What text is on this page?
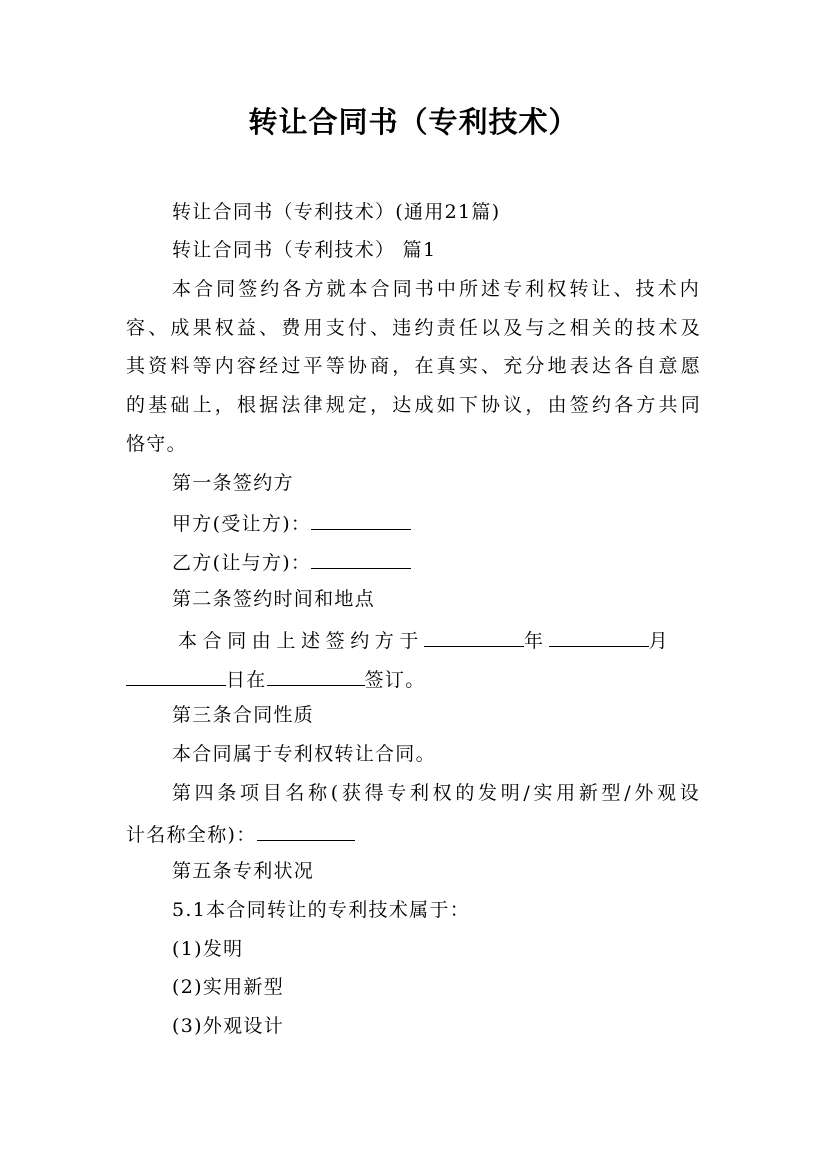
转让合同书（专利技术）
转让合同书（专利技术）(通用21篇)
转让合同书（专利技术） 篇1
本合同签约各方就本合同书中所述专利权转让、技术内
容、成果权益、费用支付、违约责任以及与之相关的技术及
其资料等内容经过平等协商，在真实、充分地表达各自意愿
的基础上，根据法律规定，达成如下协议，由签约各方共同
恪守。
第一条签约方
甲方(受让方)：
乙方(让与方)：
第二条签约时间和地点
本合同由上述签约方于	年	月
日在	签订。
第三条合同性质
本合同属于专利权转让合同。
第四条项目名称(获得专利权的发明/实用新型/外观设
计名称全称)：
第五条专利状况
5.1本合同转让的专利技术属于：
(1)发明
(2)实用新型
(3)外观设计
